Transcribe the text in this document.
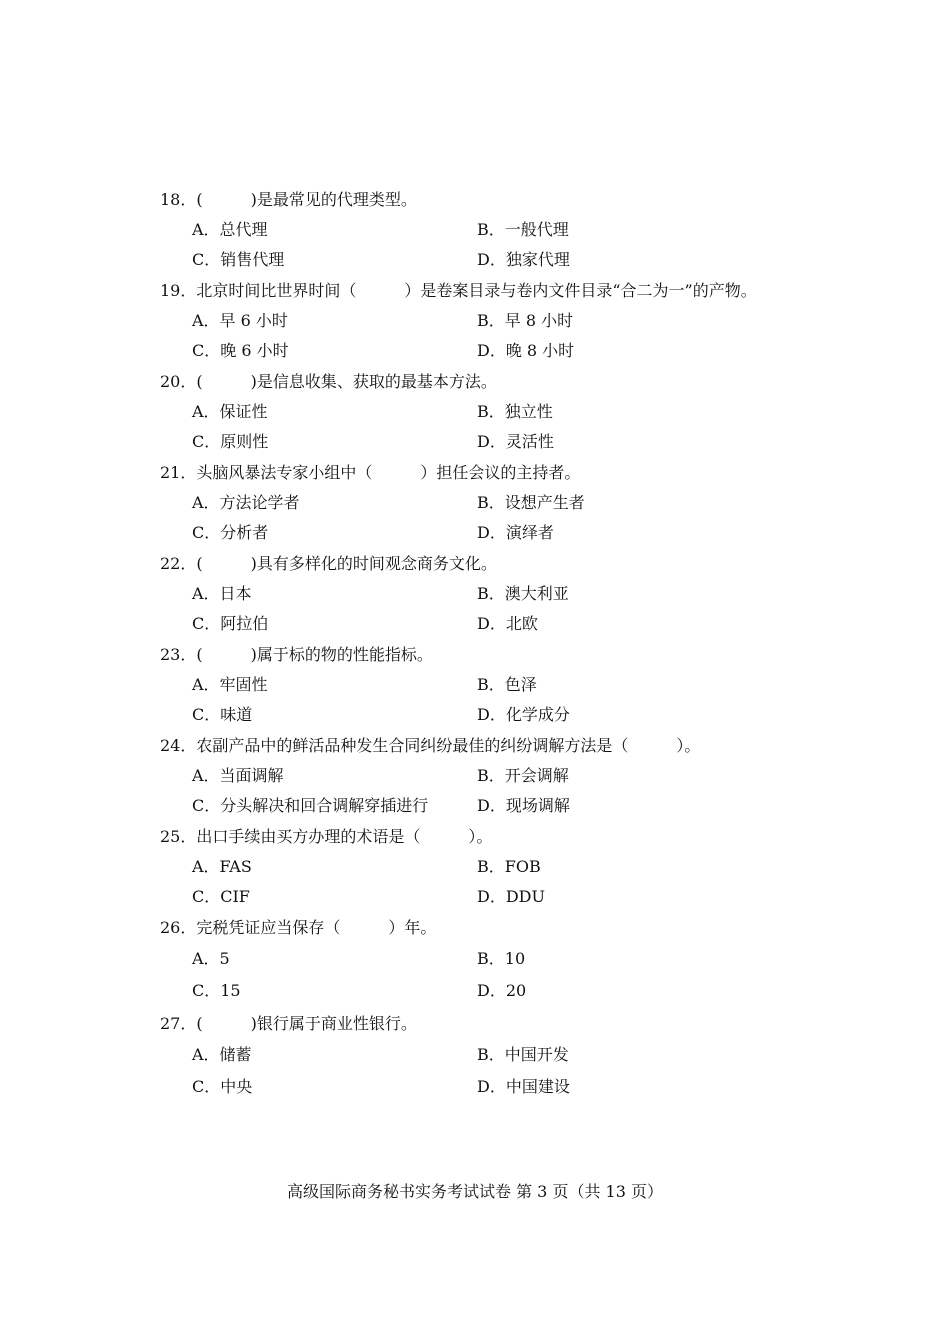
18．(　　　)是最常见的代理类型。
A．总代理	B．一般代理
C．销售代理	D．独家代理
19．北京时间比世界时间（　　　）是卷案目录与卷内文件目录“合二为一”的产物。
A．早 6 小时	B．早 8 小时
C．晚 6 小时	D．晚 8 小时
20．(　　　)是信息收集、获取的最基本方法。
A．保证性	B．独立性
C．原则性	D．灵活性
21．头脑风暴法专家小组中（　　　）担任会议的主持者。
A．方法论学者	B．设想产生者
C．分析者	D．演绎者
22．(　　　)具有多样化的时间观念商务文化。
A．日本	B．澳大利亚
C．阿拉伯	D．北欧
23．(　　　)属于标的物的性能指标。
A．牢固性	B．色泽
C．味道	D．化学成分
24．农副产品中的鲜活品种发生合同纠纷最佳的纠纷调解方法是（　　　）。
A．当面调解	B．开会调解
C．分头解决和回合调解穿插进行	D．现场调解
25．出口手续由买方办理的术语是（　　　）。
A．FAS	B．FOB
C．CIF	D．DDU
26．完税凭证应当保存（　　　）年。
A．5	B．10
C．15	D．20
27．(　　　)银行属于商业性银行。
A．储蓄	B．中国开发
C．中央	D．中国建设
高级国际商务秘书实务考试试卷 第 3 页（共 13 页）
